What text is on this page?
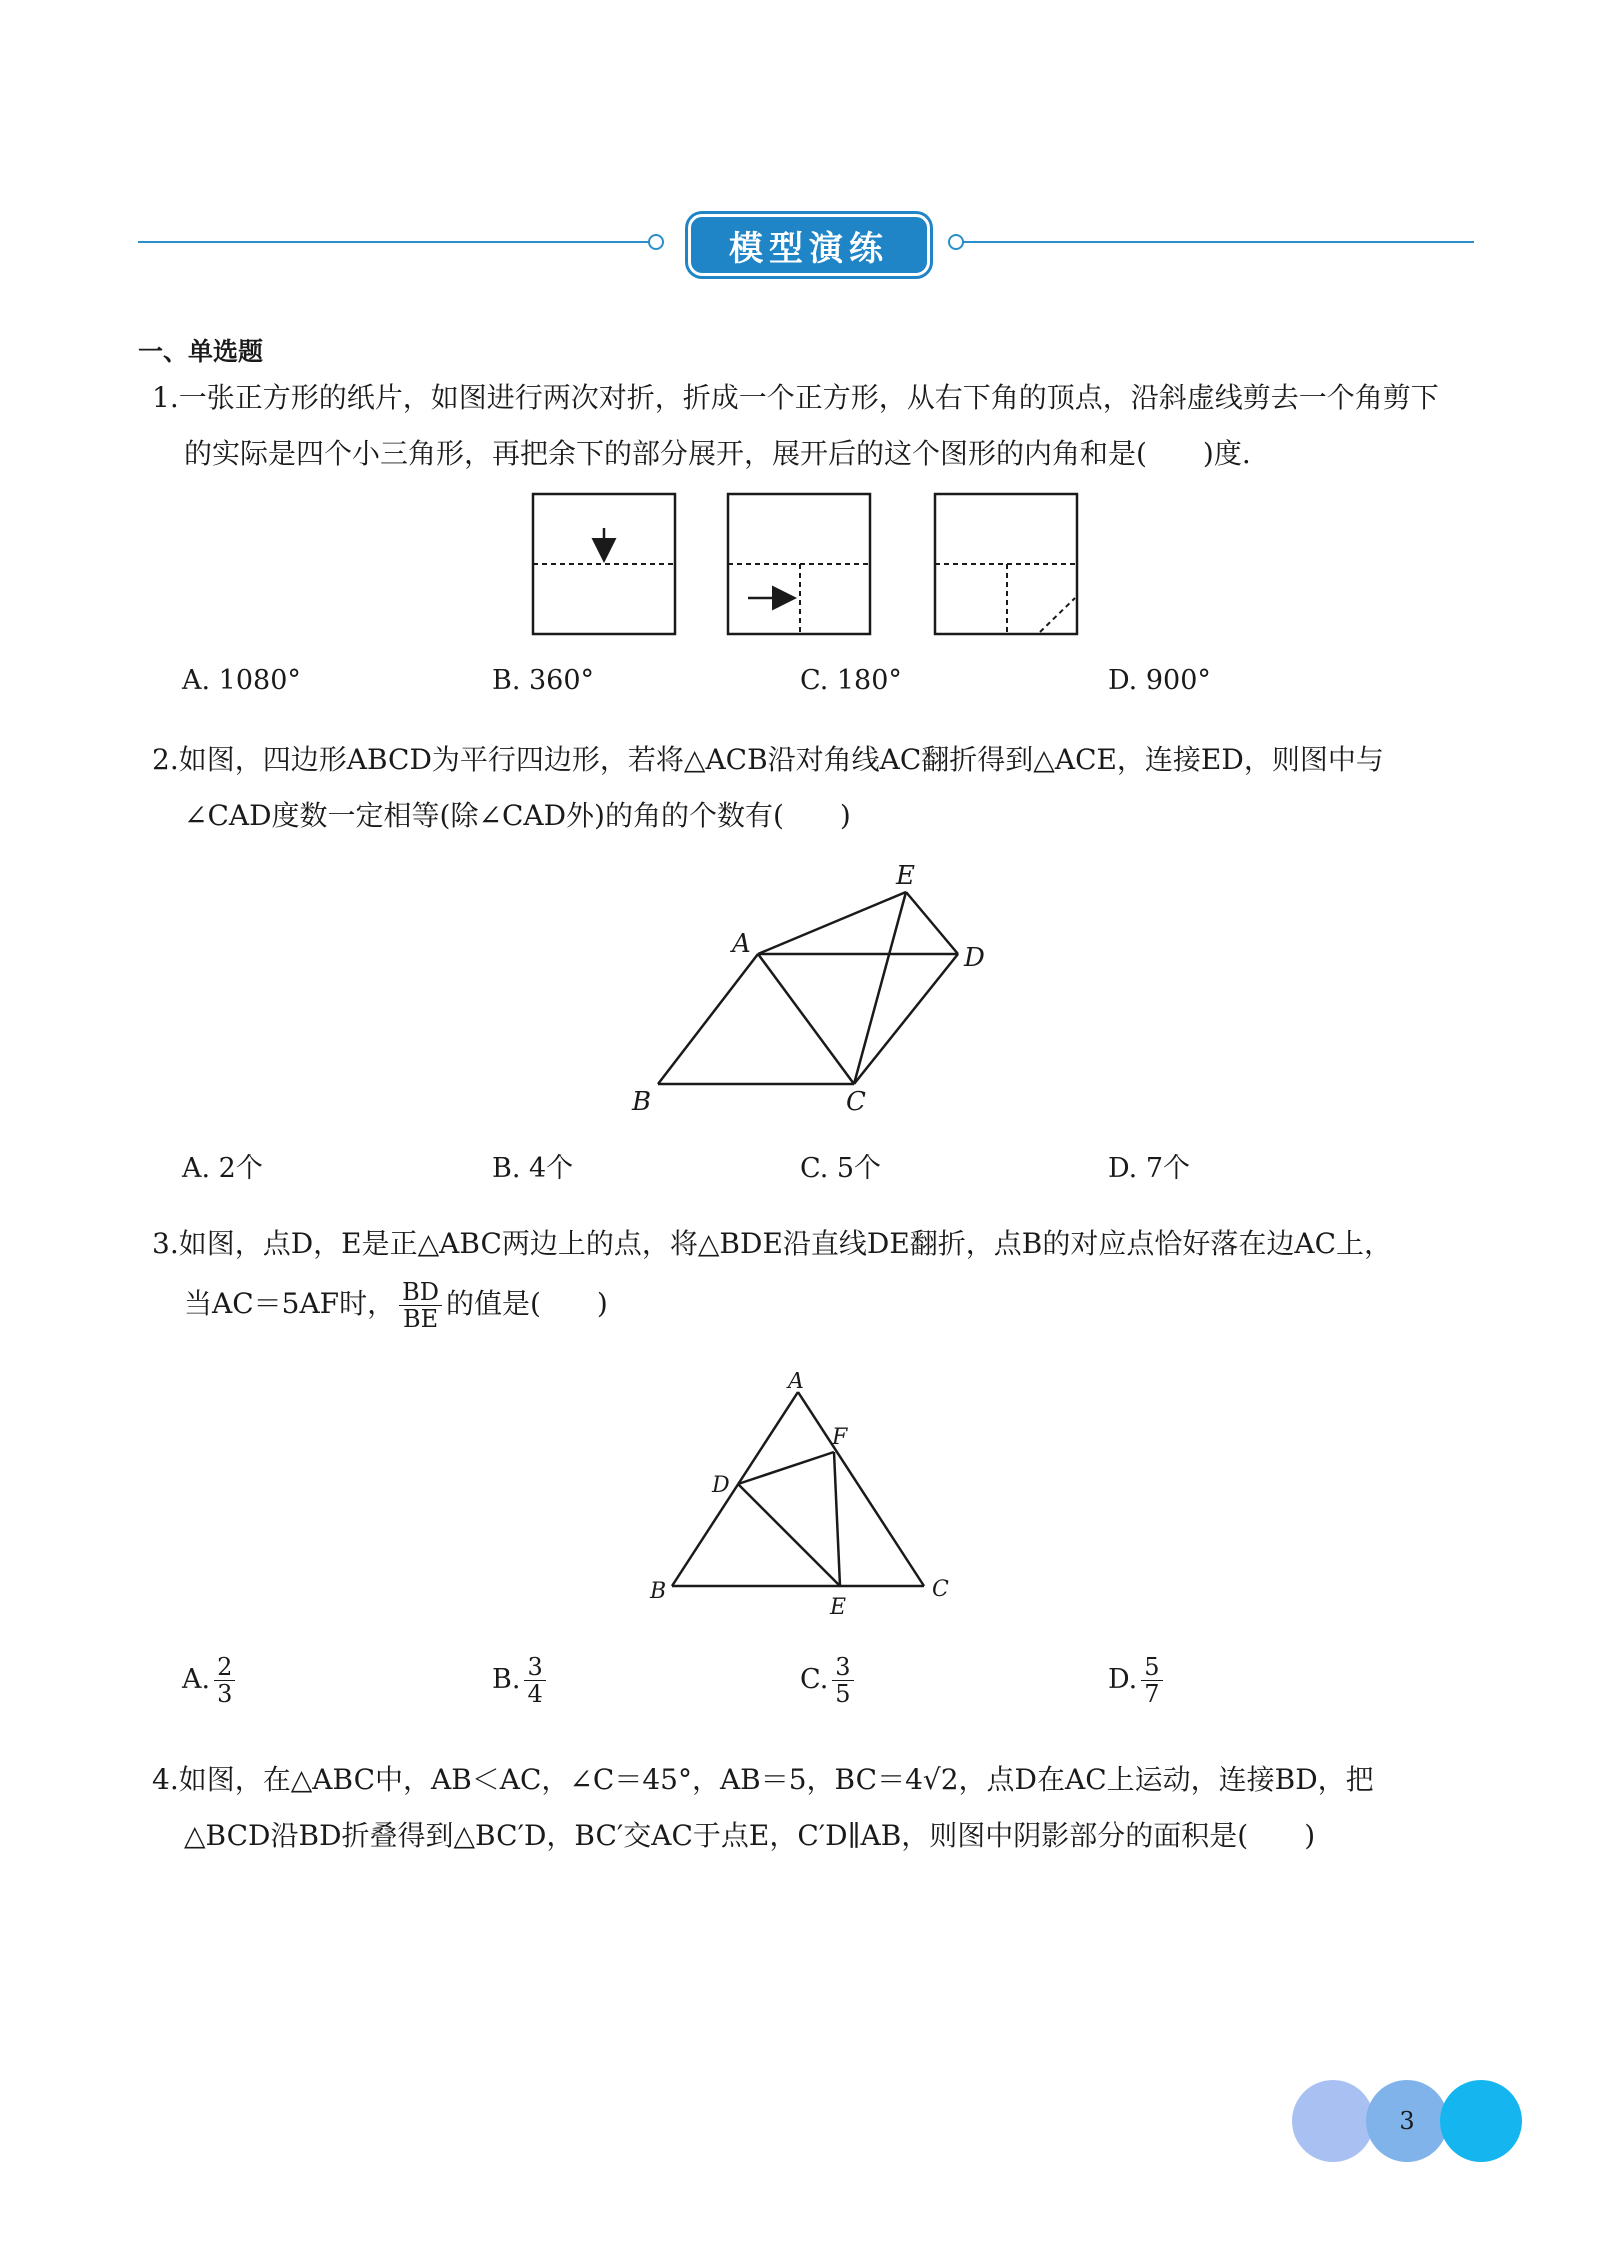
模型演练
一、单选题
1.一张正方形的纸片，如图进行两次对折，折成一个正方形，从右下角的顶点，沿斜虚线剪去一个角剪下
的实际是四个小三角形，再把余下的部分展开，展开后的这个图形的内角和是(　　)度.
A. 1080°	B. 360°	C. 180°	D. 900°
2.如图，四边形ABCD为平行四边形，若将△ACB沿对角线AC翻折得到△ACE，连接ED，则图中与
∠CAD度数一定相等(除∠CAD外)的角的个数有(　　)
E
A	D
B	C
A. 2个	B. 4个	C. 5个	D. 7个
3.如图，点D，E是正△ABC两边上的点，将△BDE沿直线DE翻折，点B的对应点恰好落在边AC上，
当AC＝5AF时， $\frac{BD}{BE}$ 的值是(　　)
A
F
D
B
E
C
A. $\frac{2}{3}$	B. $\frac{3}{4}$	C. $\frac{3}{5}$	D. $\frac{5}{7}$
4.如图，在△ABC中，AB＜AC，∠C＝45°，AB＝5，BC＝4√2，点D在AC上运动，连接BD，把
△BCD沿BD折叠得到△BC′D，BC′交AC于点E，C′D∥AB，则图中阴影部分的面积是(　　)
3
